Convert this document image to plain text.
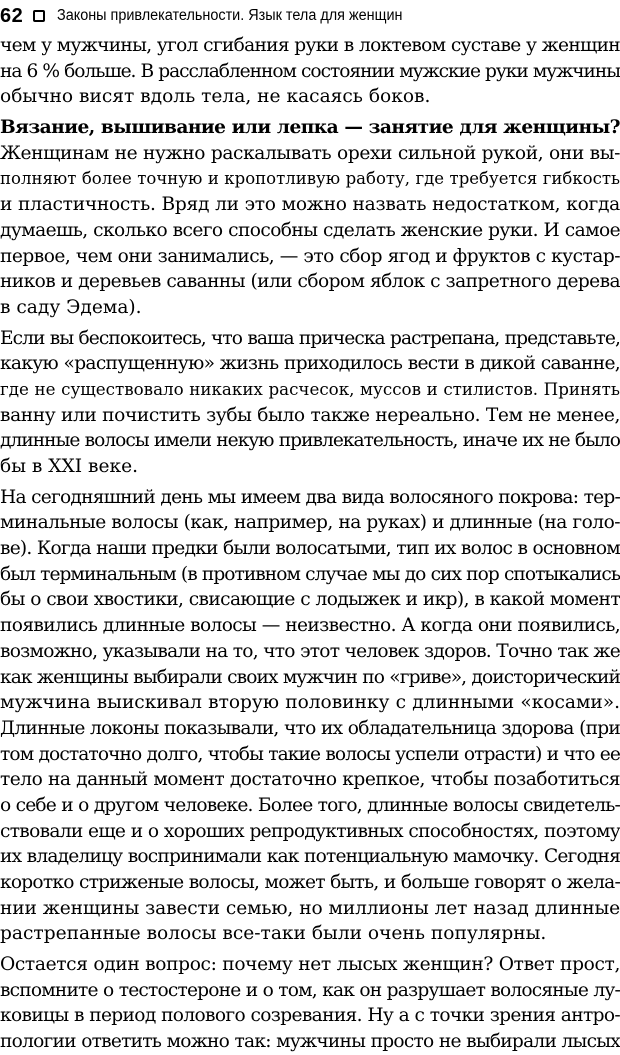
62 Законы привлекательности. Язык тела для женщин
чем у мужчины, угол сгибания руки в локтевом суставе у женщин
на 6 % больше. В расслабленном состоянии мужские руки мужчины
обычно висят вдоль тела, не касаясь боков.
Вязание, вышивание или лепка — занятие для женщины?
Женщинам не нужно раскалывать орехи сильной рукой, они вы-
полняют более точную и кропотливую работу, где требуется гибкость
и пластичность. Вряд ли это можно назвать недостатком, когда
думаешь, сколько всего способны сделать женские руки. И самое
первое, чем они занимались, — это сбор ягод и фруктов с кустар-
ников и деревьев саванны (или сбором яблок с запретного дерева
в саду Эдема).
Если вы беспокоитесь, что ваша прическа растрепана, представьте,
какую «распущенную» жизнь приходилось вести в дикой саванне,
где не существовало никаких расчесок, муссов и стилистов. Принять
ванну или почистить зубы было также нереально. Тем не менее,
длинные волосы имели некую привлекательность, иначе их не было
бы в XXI веке.
На сегодняшний день мы имеем два вида волосяного покрова: тер-
минальные волосы (как, например, на руках) и длинные (на голо-
ве). Когда наши предки были волосатыми, тип их волос в основном
был терминальным (в противном случае мы до сих пор спотыкались
бы о свои хвостики, свисающие с лодыжек и икр), в какой момент
появились длинные волосы — неизвестно. А когда они появились,
возможно, указывали на то, что этот человек здоров. Точно так же
как женщины выбирали своих мужчин по «гриве», доисторический
мужчина выискивал вторую половинку с длинными «косами».
Длинные локоны показывали, что их обладательница здорова (при
том достаточно долго, чтобы такие волосы успели отрасти) и что ее
тело на данный момент достаточно крепкое, чтобы позаботиться
о себе и о другом человеке. Более того, длинные волосы свидетель-
ствовали еще и о хороших репродуктивных способностях, поэтому
их владелицу воспринимали как потенциальную мамочку. Сегодня
коротко стриженые волосы, может быть, и больше говорят о жела-
нии женщины завести семью, но миллионы лет назад длинные
растрепанные волосы все-таки были очень популярны.
Остается один вопрос: почему нет лысых женщин? Ответ прост,
вспомните о тестостероне и о том, как он разрушает волосяные лу-
ковицы в период полового созревания. Ну а с точки зрения антро-
пологии ответить можно так: мужчины просто не выбирали лысых
